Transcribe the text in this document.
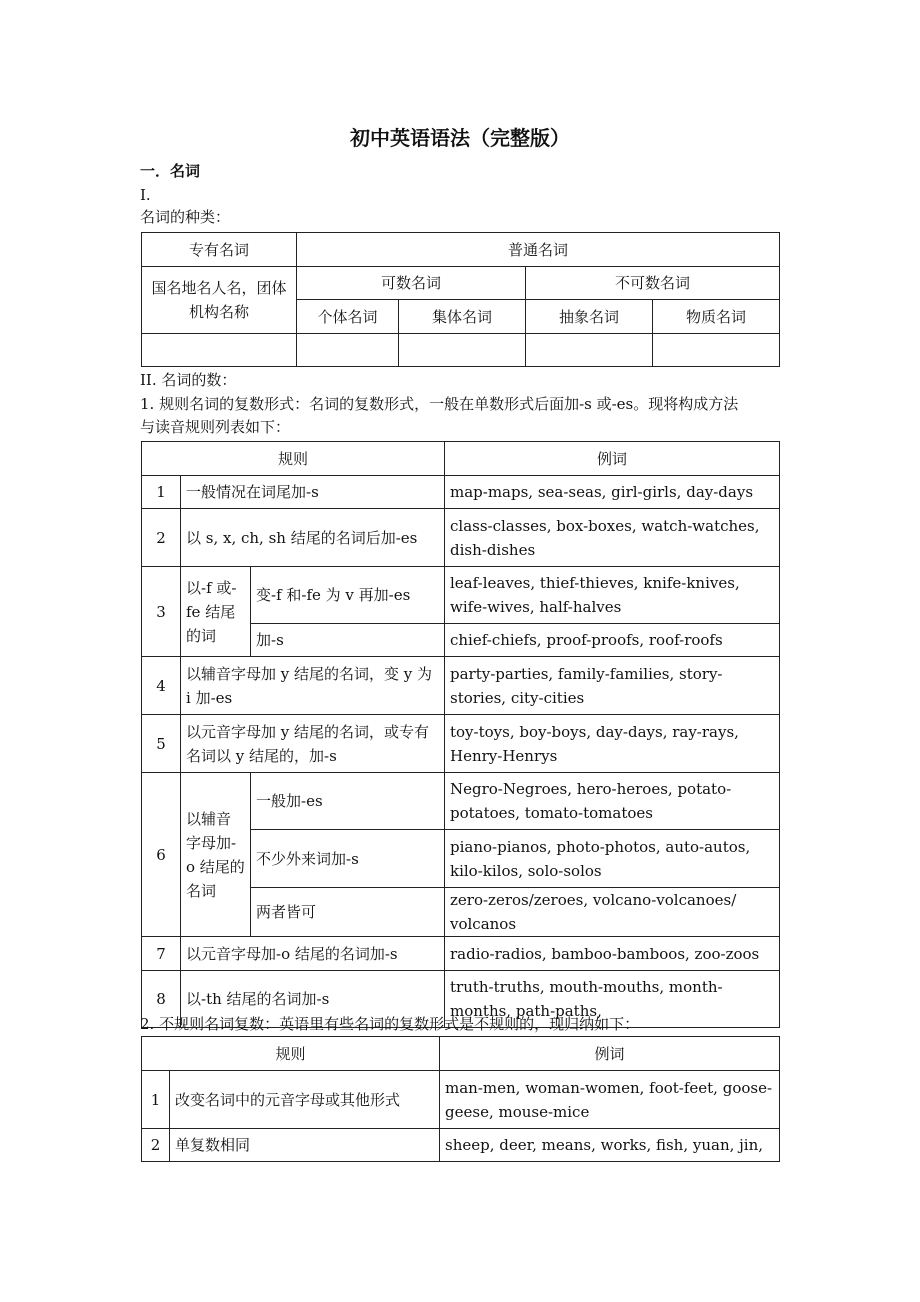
初中英语语法（完整版）
一．名词
I.
名词的种类：
专有名词	普通名词			
国名地名人名，团体机构名称	可数名词		不可数名词	
	个体名词	集体名词	抽象名词	物质名词

II. 名词的数：
1. 规则名词的复数形式：名词的复数形式，一般在单数形式后面加-s 或-es。现将构成方法
与读音规则列表如下：
规则			例词
1	一般情况在词尾加-s		map-maps, sea-seas, girl-girls, day-days
2	以 s, x, ch, sh 结尾的名词后加-es		class-classes, box-boxes, watch-watches, dish-dishes
3	以-f 或-fe 结尾的词	变-f 和-fe 为 v 再加-es	leaf-leaves, thief-thieves, knife-knives, wife-wives, half-halves
		加-s	chief-chiefs, proof-proofs, roof-roofs
4	以辅音字母加 y 结尾的名词，变 y 为 i 加-es		party-parties, family-families, story-stories, city-cities
5	以元音字母加 y 结尾的名词，或专有名词以 y 结尾的，加-s		toy-toys, boy-boys, day-days, ray-rays, Henry-Henrys
6	以辅音字母加-o 结尾的名词	一般加-es	Negro-Negroes, hero-heroes, potato-potatoes, tomato-tomatoes
		不少外来词加-s	piano-pianos, photo-photos, auto-autos, kilo-kilos, solo-solos
		两者皆可	zero-zeros/zeroes, volcano-volcanoes/ volcanos
7	以元音字母加-o 结尾的名词加-s		radio-radios, bamboo-bamboos, zoo-zoos
8	以-th 结尾的名词加-s		truth-truths, mouth-mouths, month-months, path-paths,
2. 不规则名词复数：英语里有些名词的复数形式是不规则的，现归纳如下：
规则		例词
1	改变名词中的元音字母或其他形式	man-men, woman-women, foot-feet, goose-geese, mouse-mice
2	单复数相同	sheep, deer, means, works, fish, yuan, jin,
